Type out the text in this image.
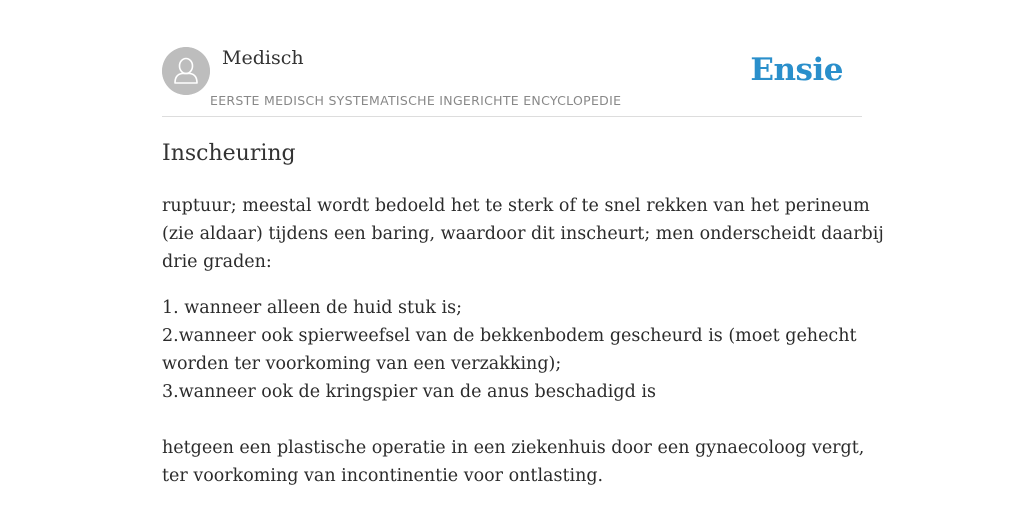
Medisch
EERSTE MEDISCH SYSTEMATISCHE INGERICHTE ENCYCLOPEDIE
Ensie
Inscheuring
ruptuur; meestal wordt bedoeld het te sterk of te snel rekken van het perineum
(zie aldaar) tijdens een baring, waardoor dit inscheurt; men onderscheidt daarbij
drie graden:
1. wanneer alleen de huid stuk is;
2.wanneer ook spierweefsel van de bekkenbodem gescheurd is (moet gehecht
worden ter voorkoming van een verzakking);
3.wanneer ook de kringspier van de anus beschadigd is
hetgeen een plastische operatie in een ziekenhuis door een gynaecoloog vergt,
ter voorkoming van incontinentie voor ontlasting.
